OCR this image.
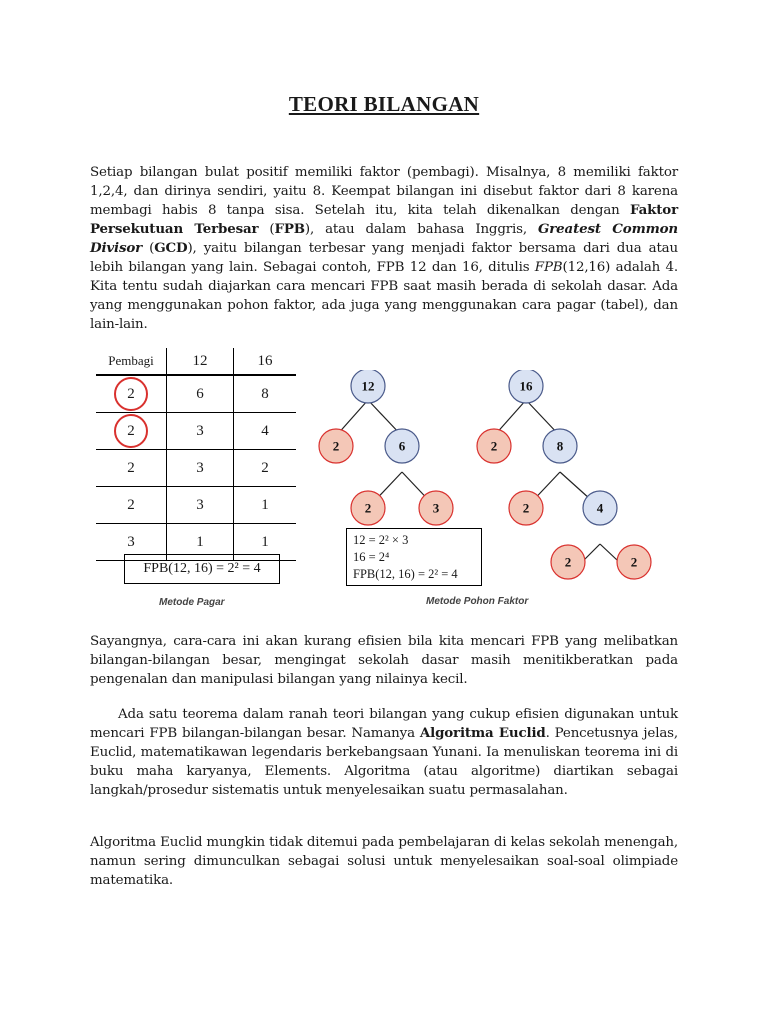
TEORI BILANGAN

Setiap bilangan bulat positif memiliki faktor (pembagi). Misalnya, 8 memiliki faktor 1,2,4, dan dirinya sendiri, yaitu 8. Keempat bilangan ini disebut faktor dari 8 karena membagi habis 8 tanpa sisa. Setelah itu, kita telah dikenalkan dengan Faktor Persekutuan Terbesar (FPB), atau dalam bahasa Inggris, Greatest Common Divisor (GCD), yaitu bilangan terbesar yang menjadi faktor bersama dari dua atau lebih bilangan yang lain. Sebagai contoh, FPB 12 dan 16, ditulis FPB(12,16) adalah 4. Kita tentu sudah diajarkan cara mencari FPB saat masih berada di sekolah dasar. Ada yang menggunakan pohon faktor, ada juga yang menggunakan cara pagar (tabel), dan lain-lain.

Pembagi	12	16
2	6	8
2	3	4
2	3	2
2	3	1
3	1	1
FPB(12, 16) = 2² = 4
Metode Pagar
12
2	6
2	3
16
2	8
2	4
2	2
12 = 2² × 3
16 = 2⁴
FPB(12, 16) = 2² = 4
Metode Pohon Faktor

Sayangnya, cara-cara ini akan kurang efisien bila kita mencari FPB yang melibatkan bilangan-bilangan besar, mengingat sekolah dasar masih menitikberatkan pada pengenalan dan manipulasi bilangan yang nilainya kecil.

Ada satu teorema dalam ranah teori bilangan yang cukup efisien digunakan untuk mencari FPB bilangan-bilangan besar. Namanya Algoritma Euclid. Pencetusnya jelas, Euclid, matematikawan legendaris berkebangsaan Yunani. Ia menuliskan teorema ini di buku maha karyanya, Elements. Algoritma (atau algoritme) diartikan sebagai langkah/prosedur sistematis untuk menyelesaikan suatu permasalahan.

Algoritma Euclid mungkin tidak ditemui pada pembelajaran di kelas sekolah menengah, namun sering dimunculkan sebagai solusi untuk menyelesaikan soal-soal olimpiade matematika.
